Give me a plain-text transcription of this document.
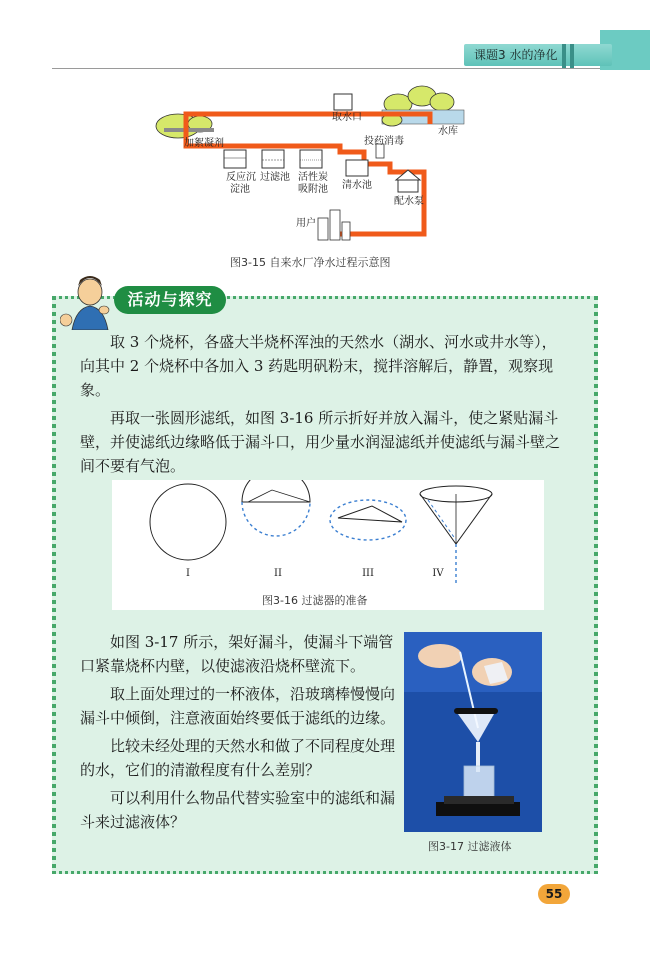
课题3 水的净化
加絮凝剂
取水口
水库
投药消毒
反应沉
淀池
过滤池 活性炭
吸附池 清水池
配水泵
用户
图3-15 自来水厂净水过程示意图
活动与探究

取 3 个烧杯，各盛大半烧杯浑浊的天然水（湖水、河水或井水等），向其中 2 个烧杯中各加入 3 药匙明矾粉末，搅拌溶解后，静置，观察现象。

再取一张圆形滤纸，如图 3-16 所示折好并放入漏斗，使之紧贴漏斗壁，并使滤纸边缘略低于漏斗口，用少量水润湿滤纸并使滤纸与漏斗壁之间不要有气泡。

I	II	III	IV
图3-16 过滤器的准备

如图 3-17 所示，架好漏斗，使漏斗下端管口紧靠烧杯内壁，以使滤液沿烧杯壁流下。

取上面处理过的一杯液体，沿玻璃棒慢慢向漏斗中倾倒，注意液面始终要低于滤纸的边缘。

比较未经处理的天然水和做了不同程度处理的水，它们的清澈程度有什么差别？

可以利用什么物品代替实验室中的滤纸和漏斗来过滤液体？

图3-17 过滤液体
55
